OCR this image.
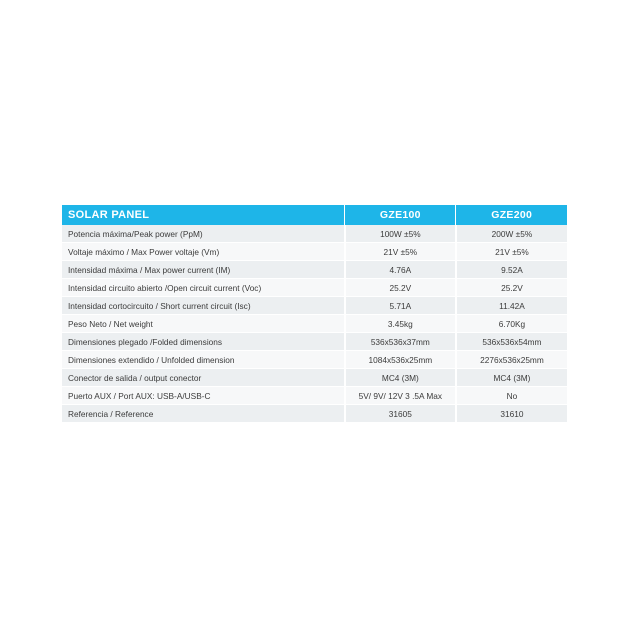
SOLAR PANEL	GZE100	GZE200
Potencia máxima/Peak power (PpM)	100W ±5%	200W ±5%
Voltaje máximo / Max Power voltaje (Vm)	21V ±5%	21V ±5%
Intensidad máxima / Max power current (IM)	4.76A	9.52A
Intensidad circuito abierto /Open circuit current (Voc)	25.2V	25.2V
Intensidad cortocircuito / Short current circuit (Isc)	5.71A	11.42A
Peso Neto / Net weight	3.45kg	6.70Kg
Dimensiones plegado /Folded dimensions	536x536x37mm	536x536x54mm
Dimensiones extendido / Unfolded dimension	1084x536x25mm	2276x536x25mm
Conector de salida / output conector	MC4 (3M)	MC4 (3M)
Puerto AUX / Port AUX: USB-A/USB-C	5V/ 9V/ 12V 3 .5A Max	No
Referencia / Reference	31605	31610
